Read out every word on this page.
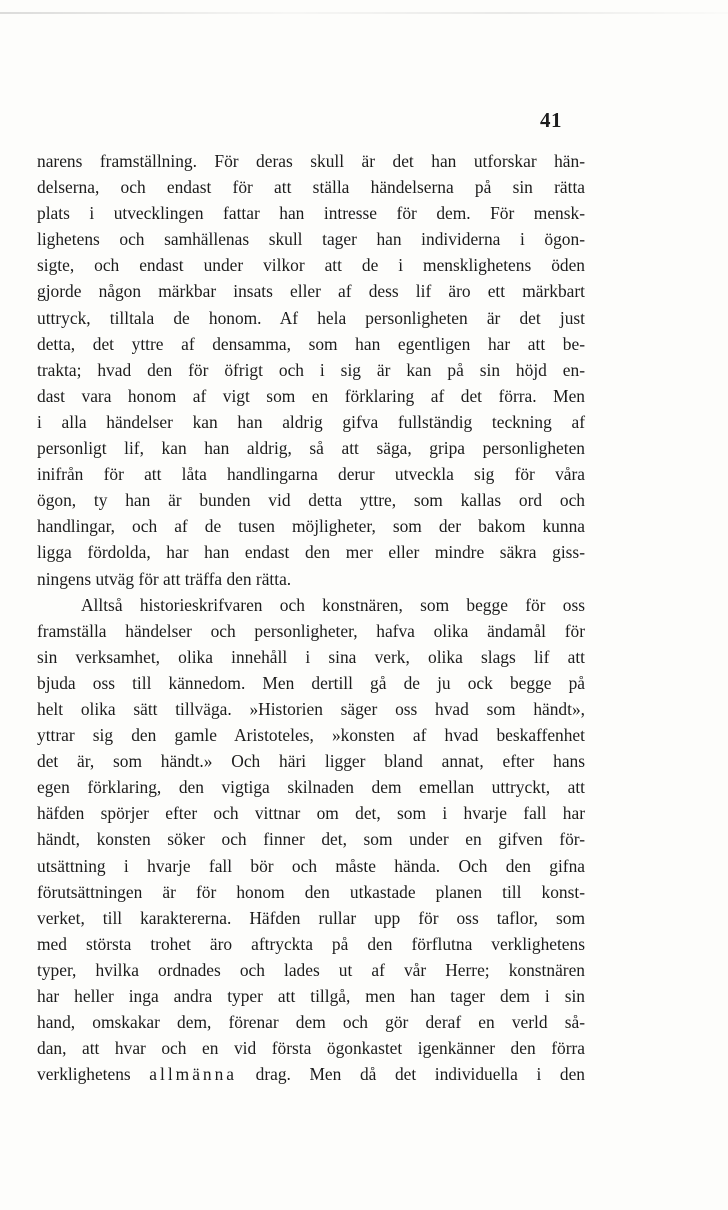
41
narens framställning. För deras skull är det han utforskar hän-
delserna, och endast för att ställa händelserna på sin rätta
plats i utvecklingen fattar han intresse för dem. För mensk-
lighetens och samhällenas skull tager han individerna i ögon-
sigte, och endast under vilkor att de i mensklighetens öden
gjorde någon märkbar insats eller af dess lif äro ett märkbart
uttryck, tilltala de honom. Af hela personligheten är det just
detta, det yttre af densamma, som han egentligen har att be-
trakta; hvad den för öfrigt och i sig är kan på sin höjd en-
dast vara honom af vigt som en förklaring af det förra. Men
i alla händelser kan han aldrig gifva fullständig teckning af
personligt lif, kan han aldrig, så att säga, gripa personligheten
inifrån för att låta handlingarna derur utveckla sig för våra
ögon, ty han är bunden vid detta yttre, som kallas ord och
handlingar, och af de tusen möjligheter, som der bakom kunna
ligga fördolda, har han endast den mer eller mindre säkra giss-
ningens utväg för att träffa den rätta.
Alltså historieskrifvaren och konstnären, som begge för oss
framställa händelser och personligheter, hafva olika ändamål för
sin verksamhet, olika innehåll i sina verk, olika slags lif att
bjuda oss till kännedom. Men dertill gå de ju ock begge på
helt olika sätt tillväga. »Historien säger oss hvad som händt»,
yttrar sig den gamle Aristoteles, »konsten af hvad beskaffenhet
det är, som händt.» Och häri ligger bland annat, efter hans
egen förklaring, den vigtiga skilnaden dem emellan uttryckt, att
häfden spörjer efter och vittnar om det, som i hvarje fall har
händt, konsten söker och finner det, som under en gifven för-
utsättning i hvarje fall bör och måste hända. Och den gifna
förutsättningen är för honom den utkastade planen till konst-
verket, till karaktererna. Häfden rullar upp för oss taflor, som
med största trohet äro aftryckta på den förflutna verklighetens
typer, hvilka ordnades och lades ut af vår Herre; konstnären
har heller inga andra typer att tillgå, men han tager dem i sin
hand, omskakar dem, förenar dem och gör deraf en verld så-
dan, att hvar och en vid första ögonkastet igenkänner den förra
verklighetens allmänna drag. Men då det individuella i den
